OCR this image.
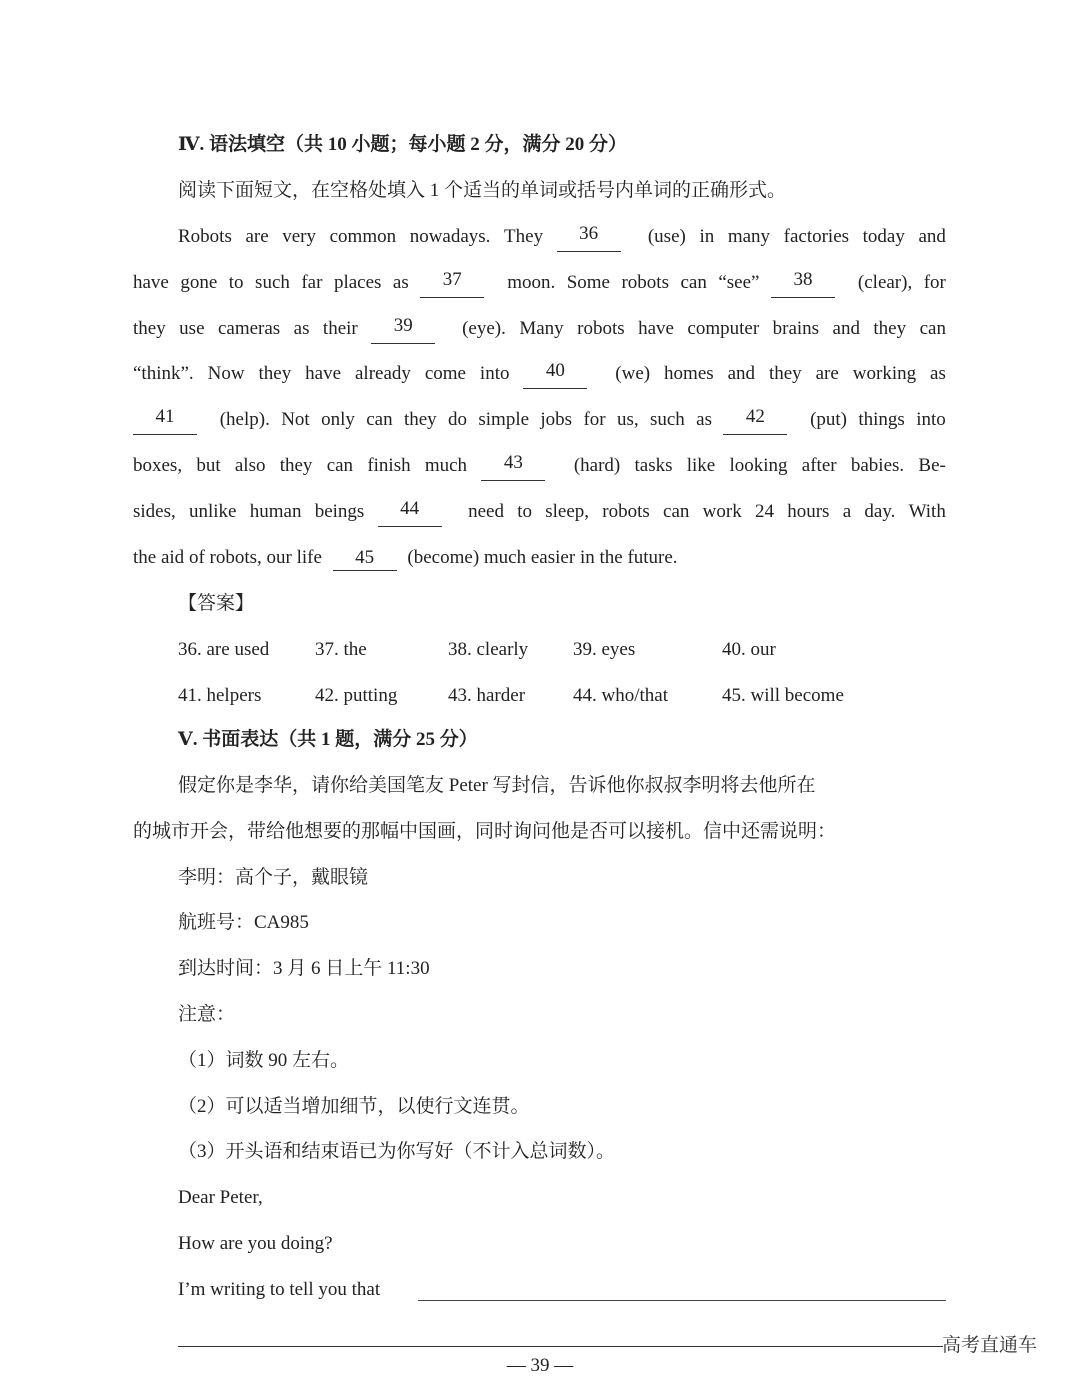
Ⅳ. 语法填空（共 10 小题；每小题 2 分，满分 20 分）
阅读下面短文，在空格处填入 1 个适当的单词或括号内单词的正确形式。
Robots are very common nowadays. They	36	(use) in many factories today and
have gone to such far places as	37	moon. Some robots can “see”	38	(clear), for
they use cameras as their	39	(eye). Many robots have computer brains and they can
“think”. Now they have already come into	40	(we) homes and they are working as
41	(help). Not only can they do simple jobs for us, such as	42	(put) things into
boxes, but also they can finish much	43	(hard) tasks like looking after babies. Be-
sides, unlike human beings	44	need to sleep, robots can work 24 hours a day. With
the aid of robots, our life 45 (become) much easier in the future.
【答案】
36. are used 37. the	38. clearly 39. eyes	40. our
41. helpers	42. putting	43. harder	44. who/that	45. will become
Ⅴ. 书面表达（共 1 题，满分 25 分）
假定你是李华，请你给美国笔友 Peter 写封信，告诉他你叔叔李明将去他所在
的城市开会，带给他想要的那幅中国画，同时询问他是否可以接机。信中还需说明：
李明：高个子，戴眼镜
航班号：CA985
到达时间：3 月 6 日上午 11:30
注意：
（1）词数 90 左右。
（2）可以适当增加细节，以使行文连贯。
（3）开头语和结束语已为你写好（不计入总词数）。
Dear Peter,
How are you doing?
I’m writing to tell you that
— 39 —
高考直通车
